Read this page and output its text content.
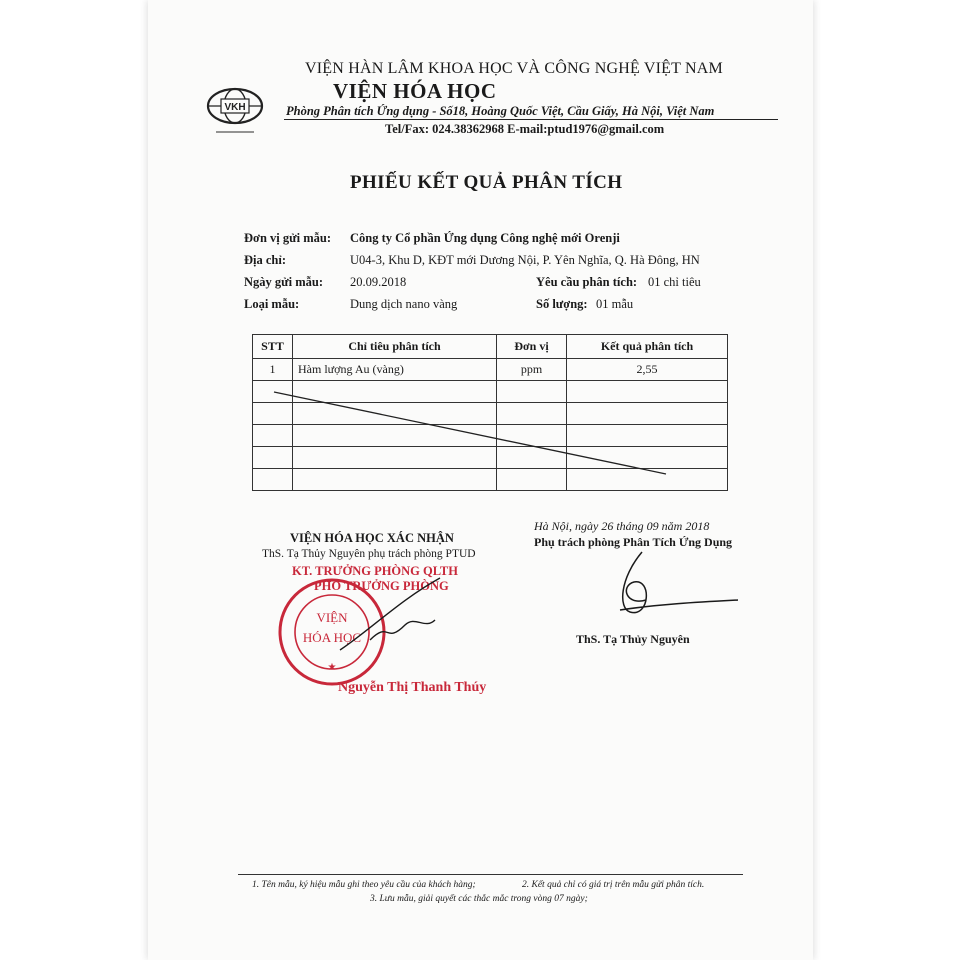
VKH
VIỆN HÀN LÂM KHOA HỌC VÀ CÔNG NGHỆ VIỆT NAM
VIỆN HÓA HỌC
Phòng Phân tích Ứng dụng - Số18, Hoàng Quốc Việt, Cầu Giấy, Hà Nội, Việt Nam
Tel/Fax: 024.38362968 E-mail:ptud1976@gmail.com
PHIẾU KẾT QUẢ PHÂN TÍCH
Đơn vị gửi mẫu: Công ty Cổ phần Ứng dụng Công nghệ mới Orenji
Địa chỉ:	U04-3, Khu D, KĐT mới Dương Nội, P. Yên Nghĩa, Q. Hà Đông, HN
Ngày gửi mẫu: 20.09.2018	Yêu cầu phân tích: 01 chỉ tiêu
Loại mẫu:	Dung dịch nano vàng	Số lượng: 01 mẫu
STT	Chỉ tiêu phân tích	Đơn vị	Kết quả phân tích
1	Hàm lượng Au (vàng)	ppm	2,55

VIỆN HÓA HỌC XÁC NHẬN
ThS. Tạ Thủy Nguyên phụ trách phòng PTUD
KT. TRƯỞNG PHÒNG QLTH
PHÓ TRƯỞNG PHÒNG
VIỆN
HÓA HỌC
★
Nguyễn Thị Thanh Thúy
Hà Nội, ngày 26 tháng 09 năm 2018
Phụ trách phòng Phân Tích Ứng Dụng
ThS. Tạ Thủy Nguyên
1. Tên mẫu, ký hiệu mẫu ghi theo yêu cầu của khách hàng;	2. Kết quả chỉ có giá trị trên mẫu gửi phân tích.
3. Lưu mẫu, giải quyết các thắc mắc trong vòng 07 ngày;
